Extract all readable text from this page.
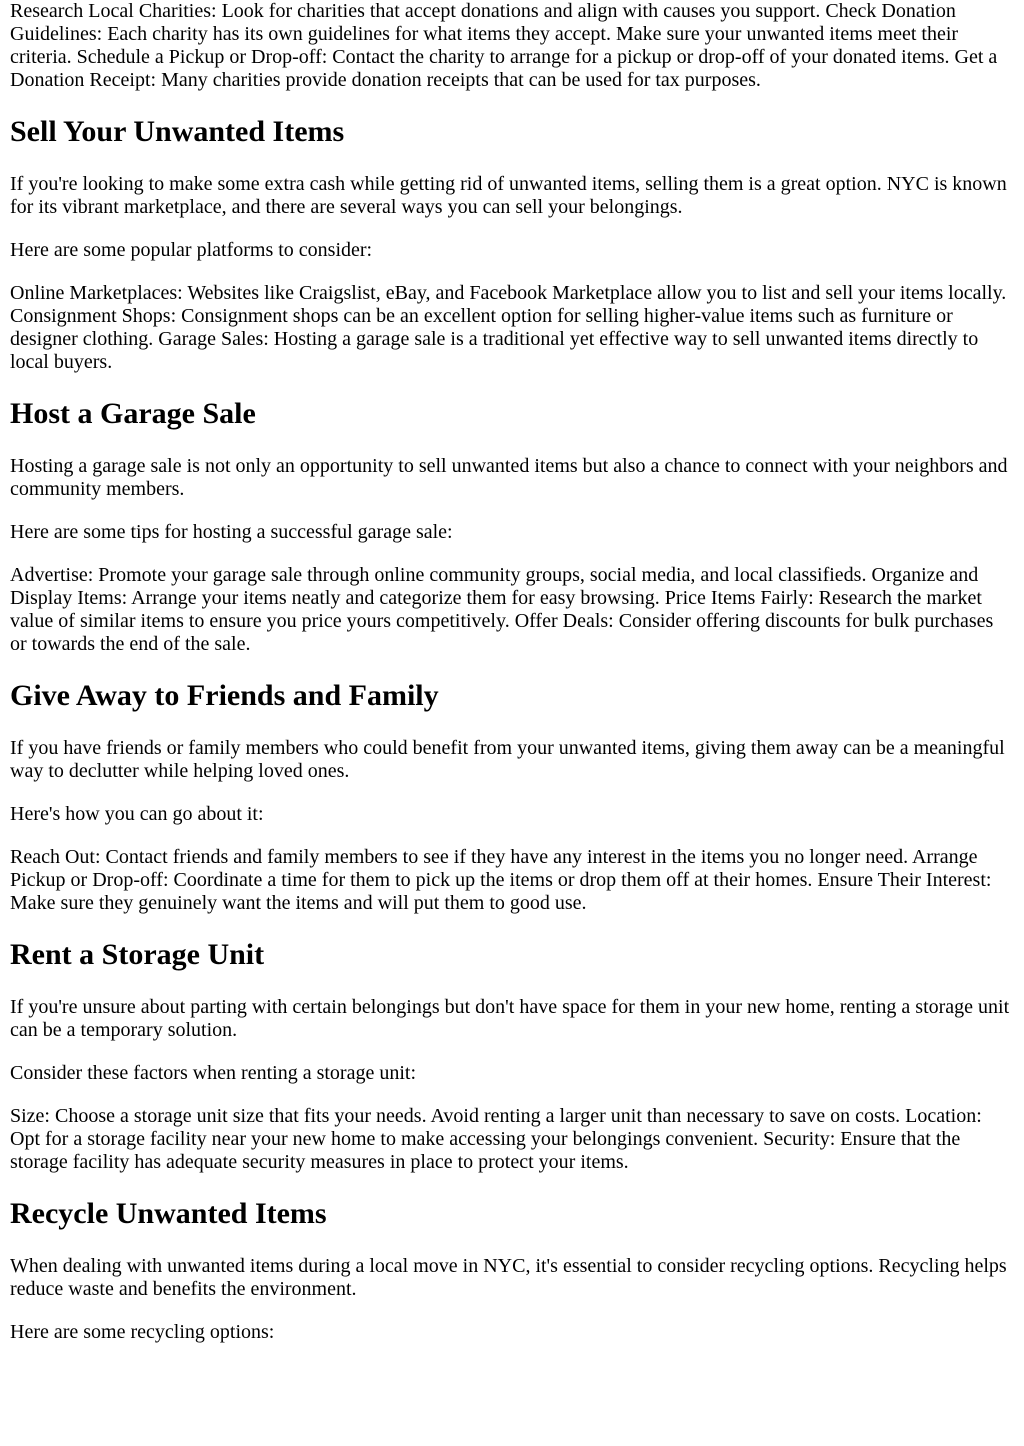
Research Local Charities: Look for charities that accept donations and align with causes you support. Check Donation Guidelines: Each charity has its own guidelines for what items they accept. Make sure your unwanted items meet their criteria. Schedule a Pickup or Drop-off: Contact the charity to arrange for a pickup or drop-off of your donated items. Get a Donation Receipt: Many charities provide donation receipts that can be used for tax purposes.

Sell Your Unwanted Items

If you're looking to make some extra cash while getting rid of unwanted items, selling them is a great option. NYC is known for its vibrant marketplace, and there are several ways you can sell your belongings.

Here are some popular platforms to consider:

Online Marketplaces: Websites like Craigslist, eBay, and Facebook Marketplace allow you to list and sell your items locally. Consignment Shops: Consignment shops can be an excellent option for selling higher-value items such as furniture or designer clothing. Garage Sales: Hosting a garage sale is a traditional yet effective way to sell unwanted items directly to local buyers.

Host a Garage Sale

Hosting a garage sale is not only an opportunity to sell unwanted items but also a chance to connect with your neighbors and community members.

Here are some tips for hosting a successful garage sale:

Advertise: Promote your garage sale through online community groups, social media, and local classifieds. Organize and Display Items: Arrange your items neatly and categorize them for easy browsing. Price Items Fairly: Research the market value of similar items to ensure you price yours competitively. Offer Deals: Consider offering discounts for bulk purchases or towards the end of the sale.

Give Away to Friends and Family

If you have friends or family members who could benefit from your unwanted items, giving them away can be a meaningful way to declutter while helping loved ones.

Here's how you can go about it:

Reach Out: Contact friends and family members to see if they have any interest in the items you no longer need. Arrange Pickup or Drop-off: Coordinate a time for them to pick up the items or drop them off at their homes. Ensure Their Interest: Make sure they genuinely want the items and will put them to good use.

Rent a Storage Unit

If you're unsure about parting with certain belongings but don't have space for them in your new home, renting a storage unit can be a temporary solution.

Consider these factors when renting a storage unit:

Size: Choose a storage unit size that fits your needs. Avoid renting a larger unit than necessary to save on costs. Location: Opt for a storage facility near your new home to make accessing your belongings convenient. Security: Ensure that the storage facility has adequate security measures in place to protect your items.

Recycle Unwanted Items

When dealing with unwanted items during a local move in NYC, it's essential to consider recycling options. Recycling helps reduce waste and benefits the environment.

Here are some recycling options:
